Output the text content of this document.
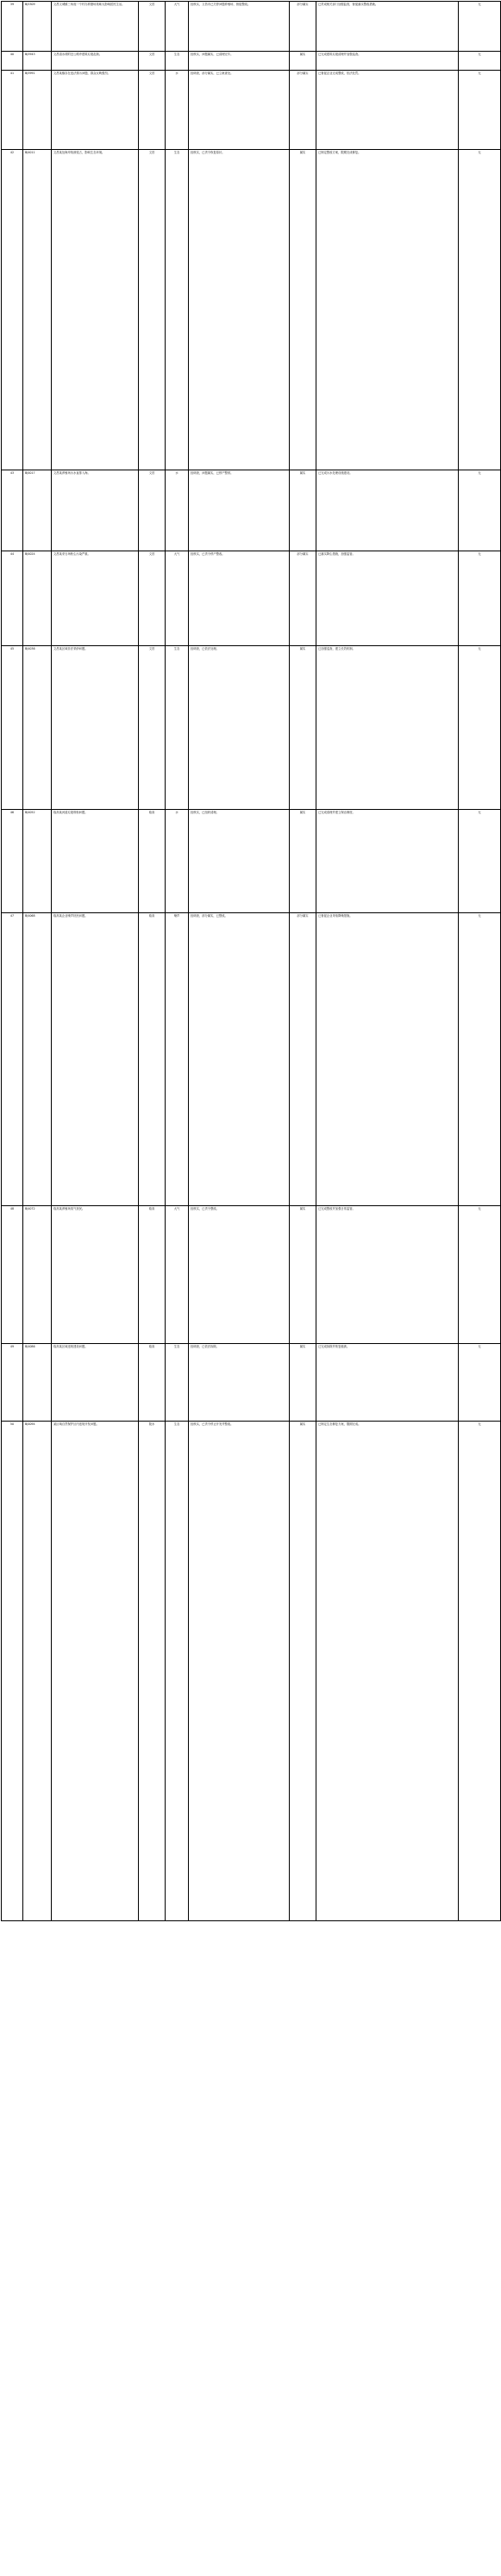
39	BJ3309	文昌文城镇三角庭一个村办养猪场臭味大影响居民生活。	文昌	大气	经核实，文昌市已关停问题养殖场，督促整改。	部分属实	已责成相关部门加强监管，督促落实整改措施。	无

40	BJ3943	文昌清水湾附近公路旁建筑垃圾乱倒。	文昌	生态	经核实，问题属实，已清理完毕。	属实	已完成建筑垃圾清理并加强巡查。	无

41	BJ3991	文昌某镇存在违法排污问题，群众反映强烈。	文昌	水	经调查，部分属实，已立案查处。	部分属实	已督促企业完成整改，依法处罚。	无

42	BJ4011	文昌某处海岸线被侵占，影响生态环境。	文昌	生态	经核实，已责令恢复原状。	属实	已制定整改方案，限期完成修复。	无

43	BJ4017	文昌某养殖场污水直排入海。	文昌	水	经调查，问题属实，已停产整顿。	属实	已完成污水处理设施建设。	无

44	BJ4024	文昌某采石场粉尘污染严重。	文昌	大气	经核实，已责令停产整改。	部分属实	已落实降尘措施，加强监管。	无

45	BJ4036	文昌某区域非法采砂问题。	文昌	生态	经调查，已依法处理。	属实	已加强巡查，建立长效机制。	无

46	BJ4052	临高某河道垃圾堆积问题。	临高	水	经核实，已组织清理。	属实	已完成清理并建立保洁制度。	无

47	BJ4068	临高某企业噪声扰民问题。	临高	噪声	经调查，部分属实，已整改。	部分属实	已督促企业采取降噪措施。	无

48	BJ4072	临高某养殖场臭气扰民。	临高	大气	经核实，已责令整改。	属实	已完成整改并加强日常监管。	无

49	BJ4086	临高某区域违规建设问题。	临高	生态	经调查，已依法拆除。	属实	已完成拆除并恢复植被。	无

50	BJ4094	某区域自然保护区内违规开发问题。	陵水	生态	经核实，已责令停止开发并整改。	属实	已制定生态修复方案，限期完成。	无
